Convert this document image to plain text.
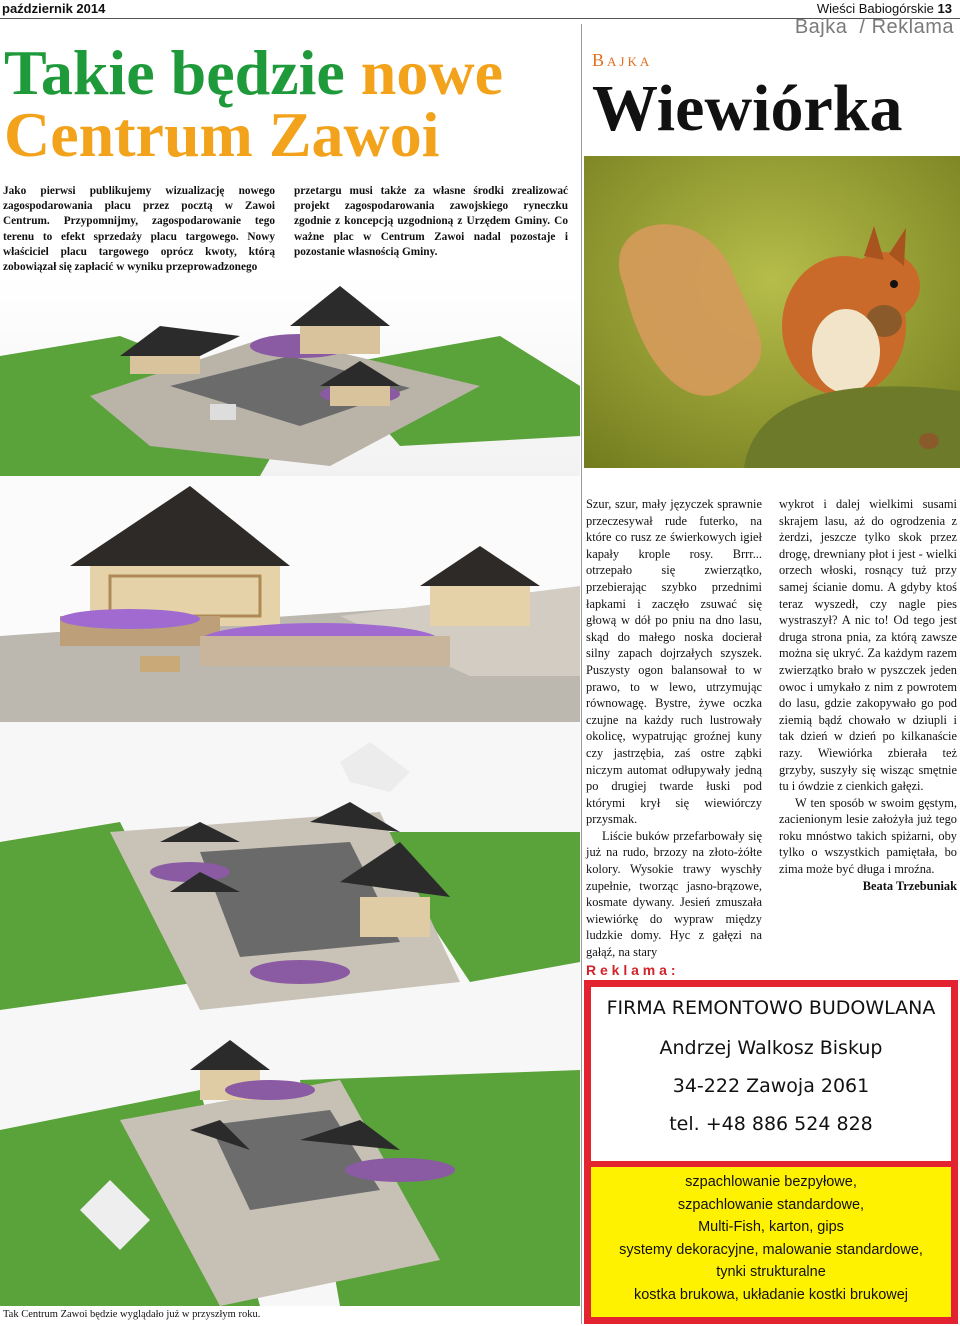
październik 2014	Wieści Babiogórskie 13
Bajka  / Reklama
Takie będzie nowe
Centrum Zawoi
Jako pierwsi publikujemy wizualizację nowego zagospodarowania placu przez pocztą w Zawoi Centrum. Przypomnijmy, zagospodarowanie tego terenu to efekt sprzedaży placu targowego. Nowy właściciel placu targowego oprócz kwoty, którą zobowiązał się zapłacić w wyniku przeprowadzonego
przetargu musi także za własne środki zrealizować projekt zagospodarowania zawojskiego ryneczku zgodnie z koncepcją uzgodnioną z Urzędem Gminy. Co ważne plac w Centrum Zawoi nadal pozostaje i pozostanie własnością Gminy.
Tak Centrum Zawoi będzie wyglądało już w przyszłym roku.
Bajka
Wiewiórka

Szur, szur, mały języczek sprawnie przeczesywał rude futerko, na które co rusz ze świerkowych igieł kapały krople rosy. Brrr... otrzepało się zwierzątko, przebierając szybko przednimi łapkami i zaczęło zsuwać się głową w dół po pniu na dno lasu, skąd do małego noska docierał silny zapach dojrzałych szyszek. Puszysty ogon balansował to w prawo, to w lewo, utrzymując równowagę. Bystre, żywe oczka czujne na każdy ruch lustrowały okolicę, wypatrując groźnej kuny czy jastrzębia, zaś ostre ząbki niczym automat odłupywały jedną po drugiej twarde łuski pod którymi krył się wiewiórczy przysmak.

Liście buków przefarbowały się już na rudo, brzozy na złoto-żółte kolory. Wysokie trawy wyschły zupełnie, tworząc jasno-brązowe, kosmate dywany. Jesień zmuszała wiewiórkę do wypraw między ludzkie domy. Hyc z gałęzi na gałąź, na stary

wykrot i dalej wielkimi susami skrajem lasu, aż do ogrodzenia z żerdzi, jeszcze tylko skok przez drogę, drewniany płot i jest - wielki orzech włoski, rosnący tuż przy samej ścianie domu. A gdyby ktoś teraz wyszedł, czy nagle pies wystraszył? A nic to! Od tego jest druga strona pnia, za którą zawsze można się ukryć. Za każdym razem zwierzątko brało w pyszczek jeden owoc i umykało z nim z powrotem do lasu, gdzie zakopywało go pod ziemią bądź chowało w dziupli i tak dzień w dzień po kilkanaście razy. Wiewiórka zbierała też grzyby, suszyły się wisząc smętnie tu i ówdzie z cienkich gałęzi.

W ten sposób w swoim gęstym, zacienionym lesie założyła już tego roku mnóstwo takich spiżarni, oby tylko o wszystkich pamiętała, bo zima może być długa i mroźna.

Beata Trzebuniak

R e k l a m a :
FIRMA REMONTOWO BUDOWLANA
Andrzej Walkosz Biskup
34-222 Zawoja 2061
tel. +48 886 524 828
szpachlowanie bezpyłowe,
szpachlowanie standardowe,
Multi-Fish, karton, gips
systemy dekoracyjne, malowanie standardowe,
tynki strukturalne
kostka brukowa, układanie kostki brukowej
